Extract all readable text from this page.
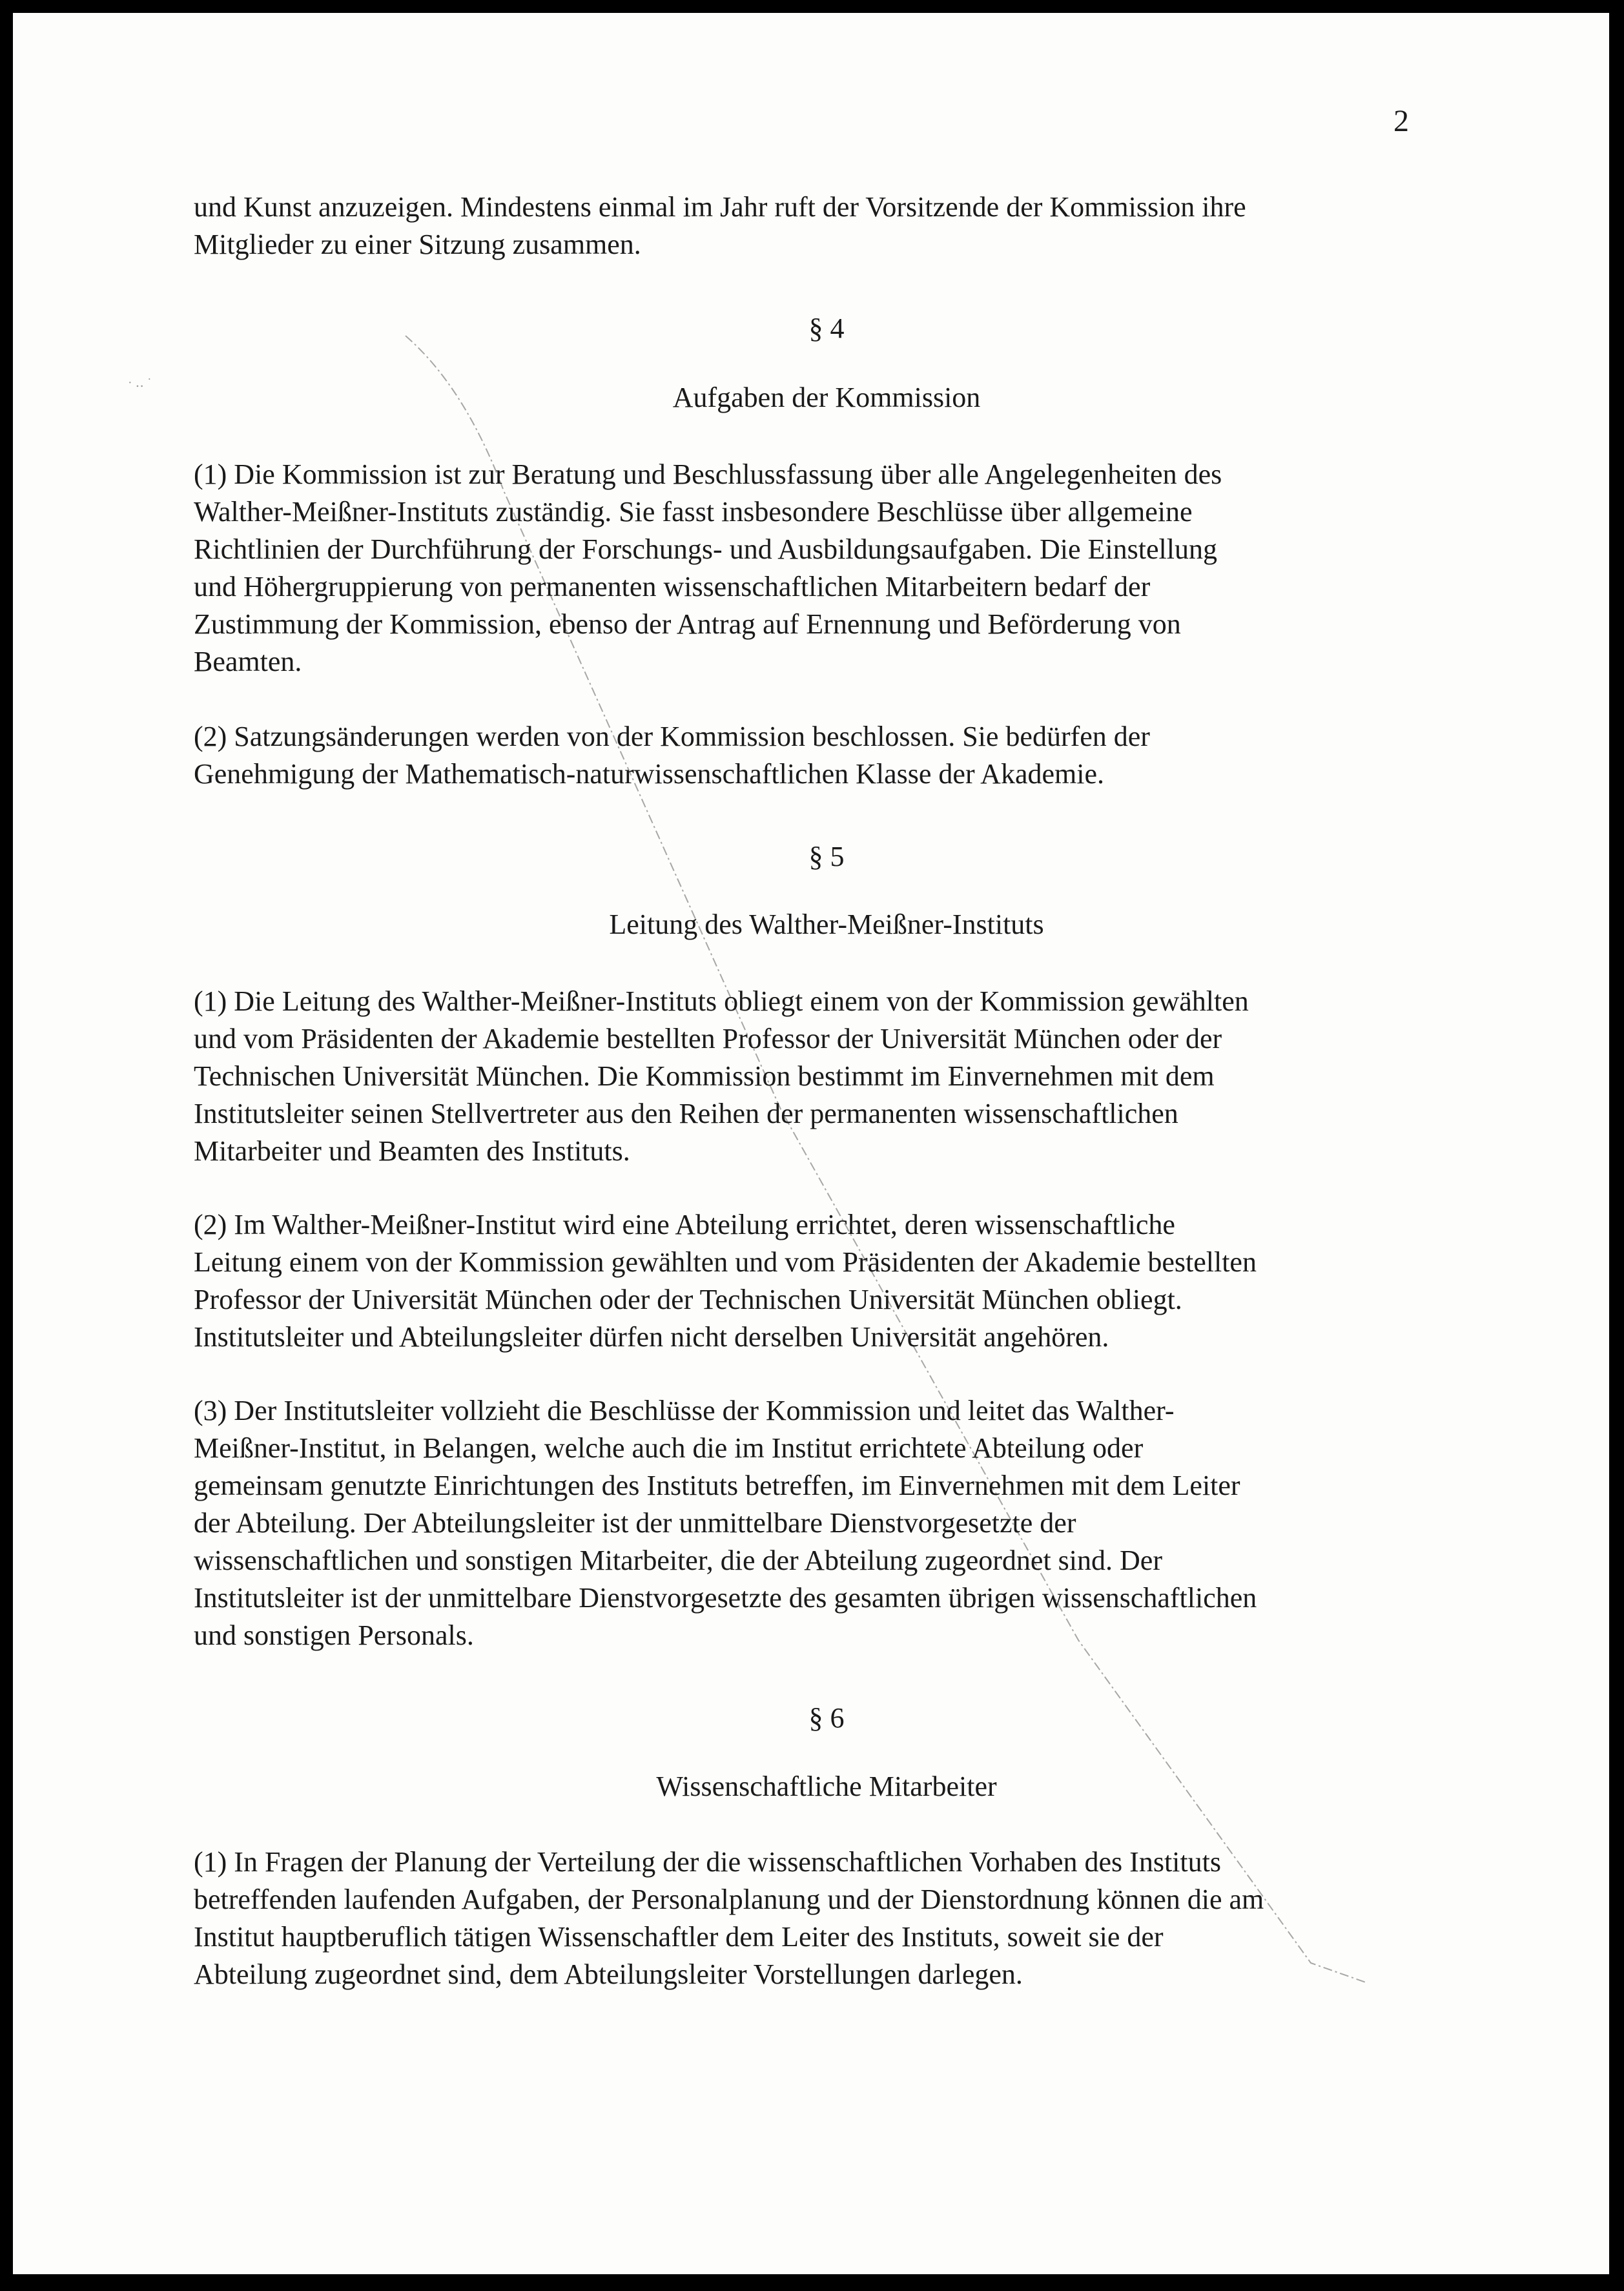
· ‥ ˙
2
und Kunst anzuzeigen. Mindestens einmal im Jahr ruft der Vorsitzende der Kommission ihre
Mitglieder zu einer Sitzung zusammen.
§ 4
Aufgaben der Kommission
(1) Die Kommission ist zur Beratung und Beschlussfassung über alle Angelegenheiten des
Walther-Meißner-Instituts zuständig. Sie fasst insbesondere Beschlüsse über allgemeine
Richtlinien der Durchführung der Forschungs- und Ausbildungsaufgaben. Die Einstellung
und Höhergruppierung von permanenten wissenschaftlichen Mitarbeitern bedarf der
Zustimmung der Kommission, ebenso der Antrag auf Ernennung und Beförderung von
Beamten.
(2) Satzungsänderungen werden von der Kommission beschlossen. Sie bedürfen der
Genehmigung der Mathematisch-naturwissenschaftlichen Klasse der Akademie.
§ 5
Leitung des Walther-Meißner-Instituts
(1) Die Leitung des Walther-Meißner-Instituts obliegt einem von der Kommission gewählten
und vom Präsidenten der Akademie bestellten Professor der Universität München oder der
Technischen Universität München. Die Kommission bestimmt im Einvernehmen mit dem
Institutsleiter seinen Stellvertreter aus den Reihen der permanenten wissenschaftlichen
Mitarbeiter und Beamten des Instituts.
(2) Im Walther-Meißner-Institut wird eine Abteilung errichtet, deren wissenschaftliche
Leitung einem von der Kommission gewählten und vom Präsidenten der Akademie bestellten
Professor der Universität München oder der Technischen Universität München obliegt.
Institutsleiter und Abteilungsleiter dürfen nicht derselben Universität angehören.
(3) Der Institutsleiter vollzieht die Beschlüsse der Kommission und leitet das Walther-
Meißner-Institut, in Belangen, welche auch die im Institut errichtete Abteilung oder
gemeinsam genutzte Einrichtungen des Instituts betreffen, im Einvernehmen mit dem Leiter
der Abteilung. Der Abteilungsleiter ist der unmittelbare Dienstvorgesetzte der
wissenschaftlichen und sonstigen Mitarbeiter, die der Abteilung zugeordnet sind. Der
Institutsleiter ist der unmittelbare Dienstvorgesetzte des gesamten übrigen wissenschaftlichen
und sonstigen Personals.
§ 6
Wissenschaftliche Mitarbeiter
(1) In Fragen der Planung der Verteilung der die wissenschaftlichen Vorhaben des Instituts
betreffenden laufenden Aufgaben, der Personalplanung und der Dienstordnung können die am
Institut hauptberuflich tätigen Wissenschaftler dem Leiter des Instituts, soweit sie der
Abteilung zugeordnet sind, dem Abteilungsleiter Vorstellungen darlegen.
